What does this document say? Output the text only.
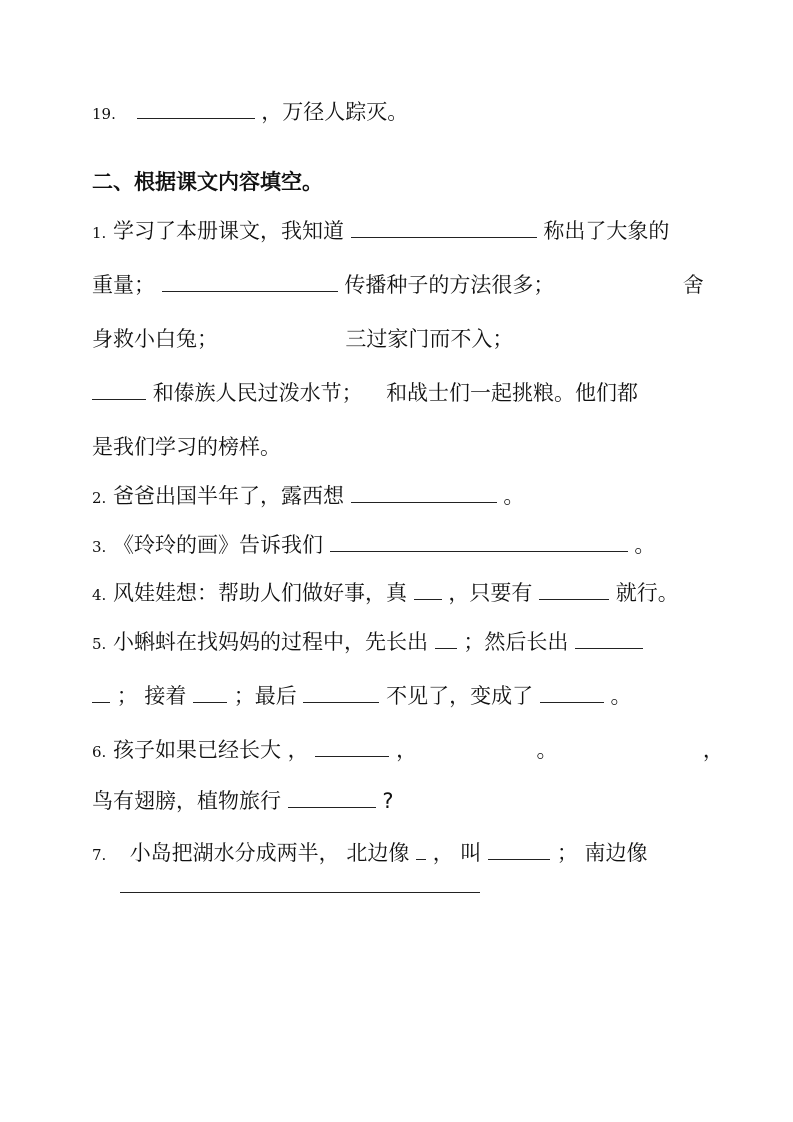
19.	，万径人踪灭。
二、根据课文内容填空。
1. 学习了本册课文，我知道	称出了大象的
重量；	传播种子的方法很多；	舍
身救小白兔；	三过家门而不入；
和傣族人民过泼水节； 和战士们一起挑粮。他们都
是我们学习的榜样。
2. 爸爸出国半年了，露西想	。
3. 《玲玲的画》告诉我们	。
4. 风娃娃想：帮助人们做好事，真 ，只要有	就行。
5. 小蝌蚪在找妈妈的过程中，先长出 ；然后长出
； 接着 ；最后	不见了，变成了	。
6. 孩子如果已经长大 ，	，	。	，
鸟有翅膀，植物旅行	?
7. 小岛把湖水分成两半， 北边像 ， 叫	； 南边像
